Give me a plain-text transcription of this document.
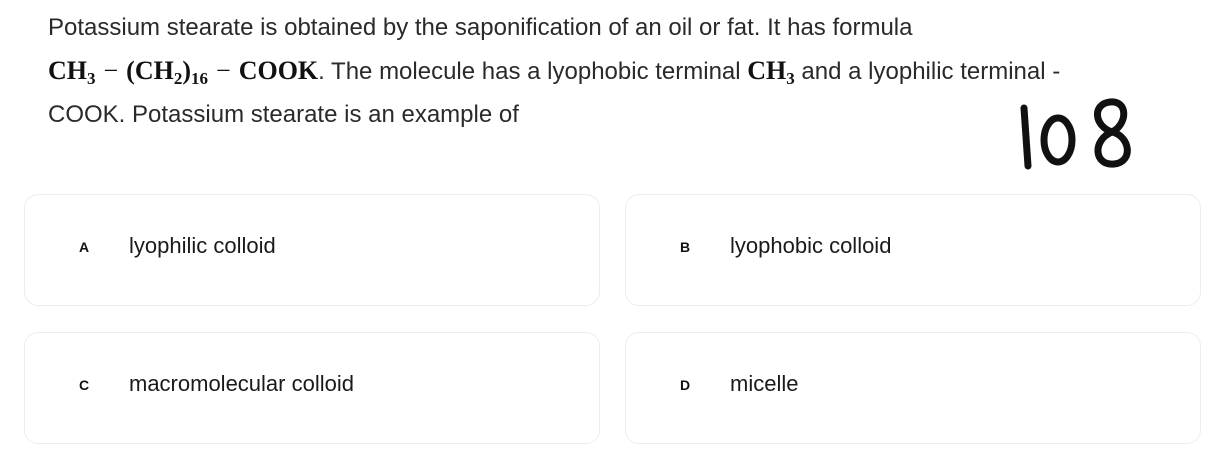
Potassium stearate is obtained by the saponification of an oil or fat. It has formula
$CH_3 - (CH_2)_{16}$ − COOK. The molecule has a lyophobic terminal $CH_3$ and a lyophilic terminal -
COOK. Potassium stearate is an example of
A lyophilic colloid	B lyophobic colloid
C macromolecular colloid	D micelle
